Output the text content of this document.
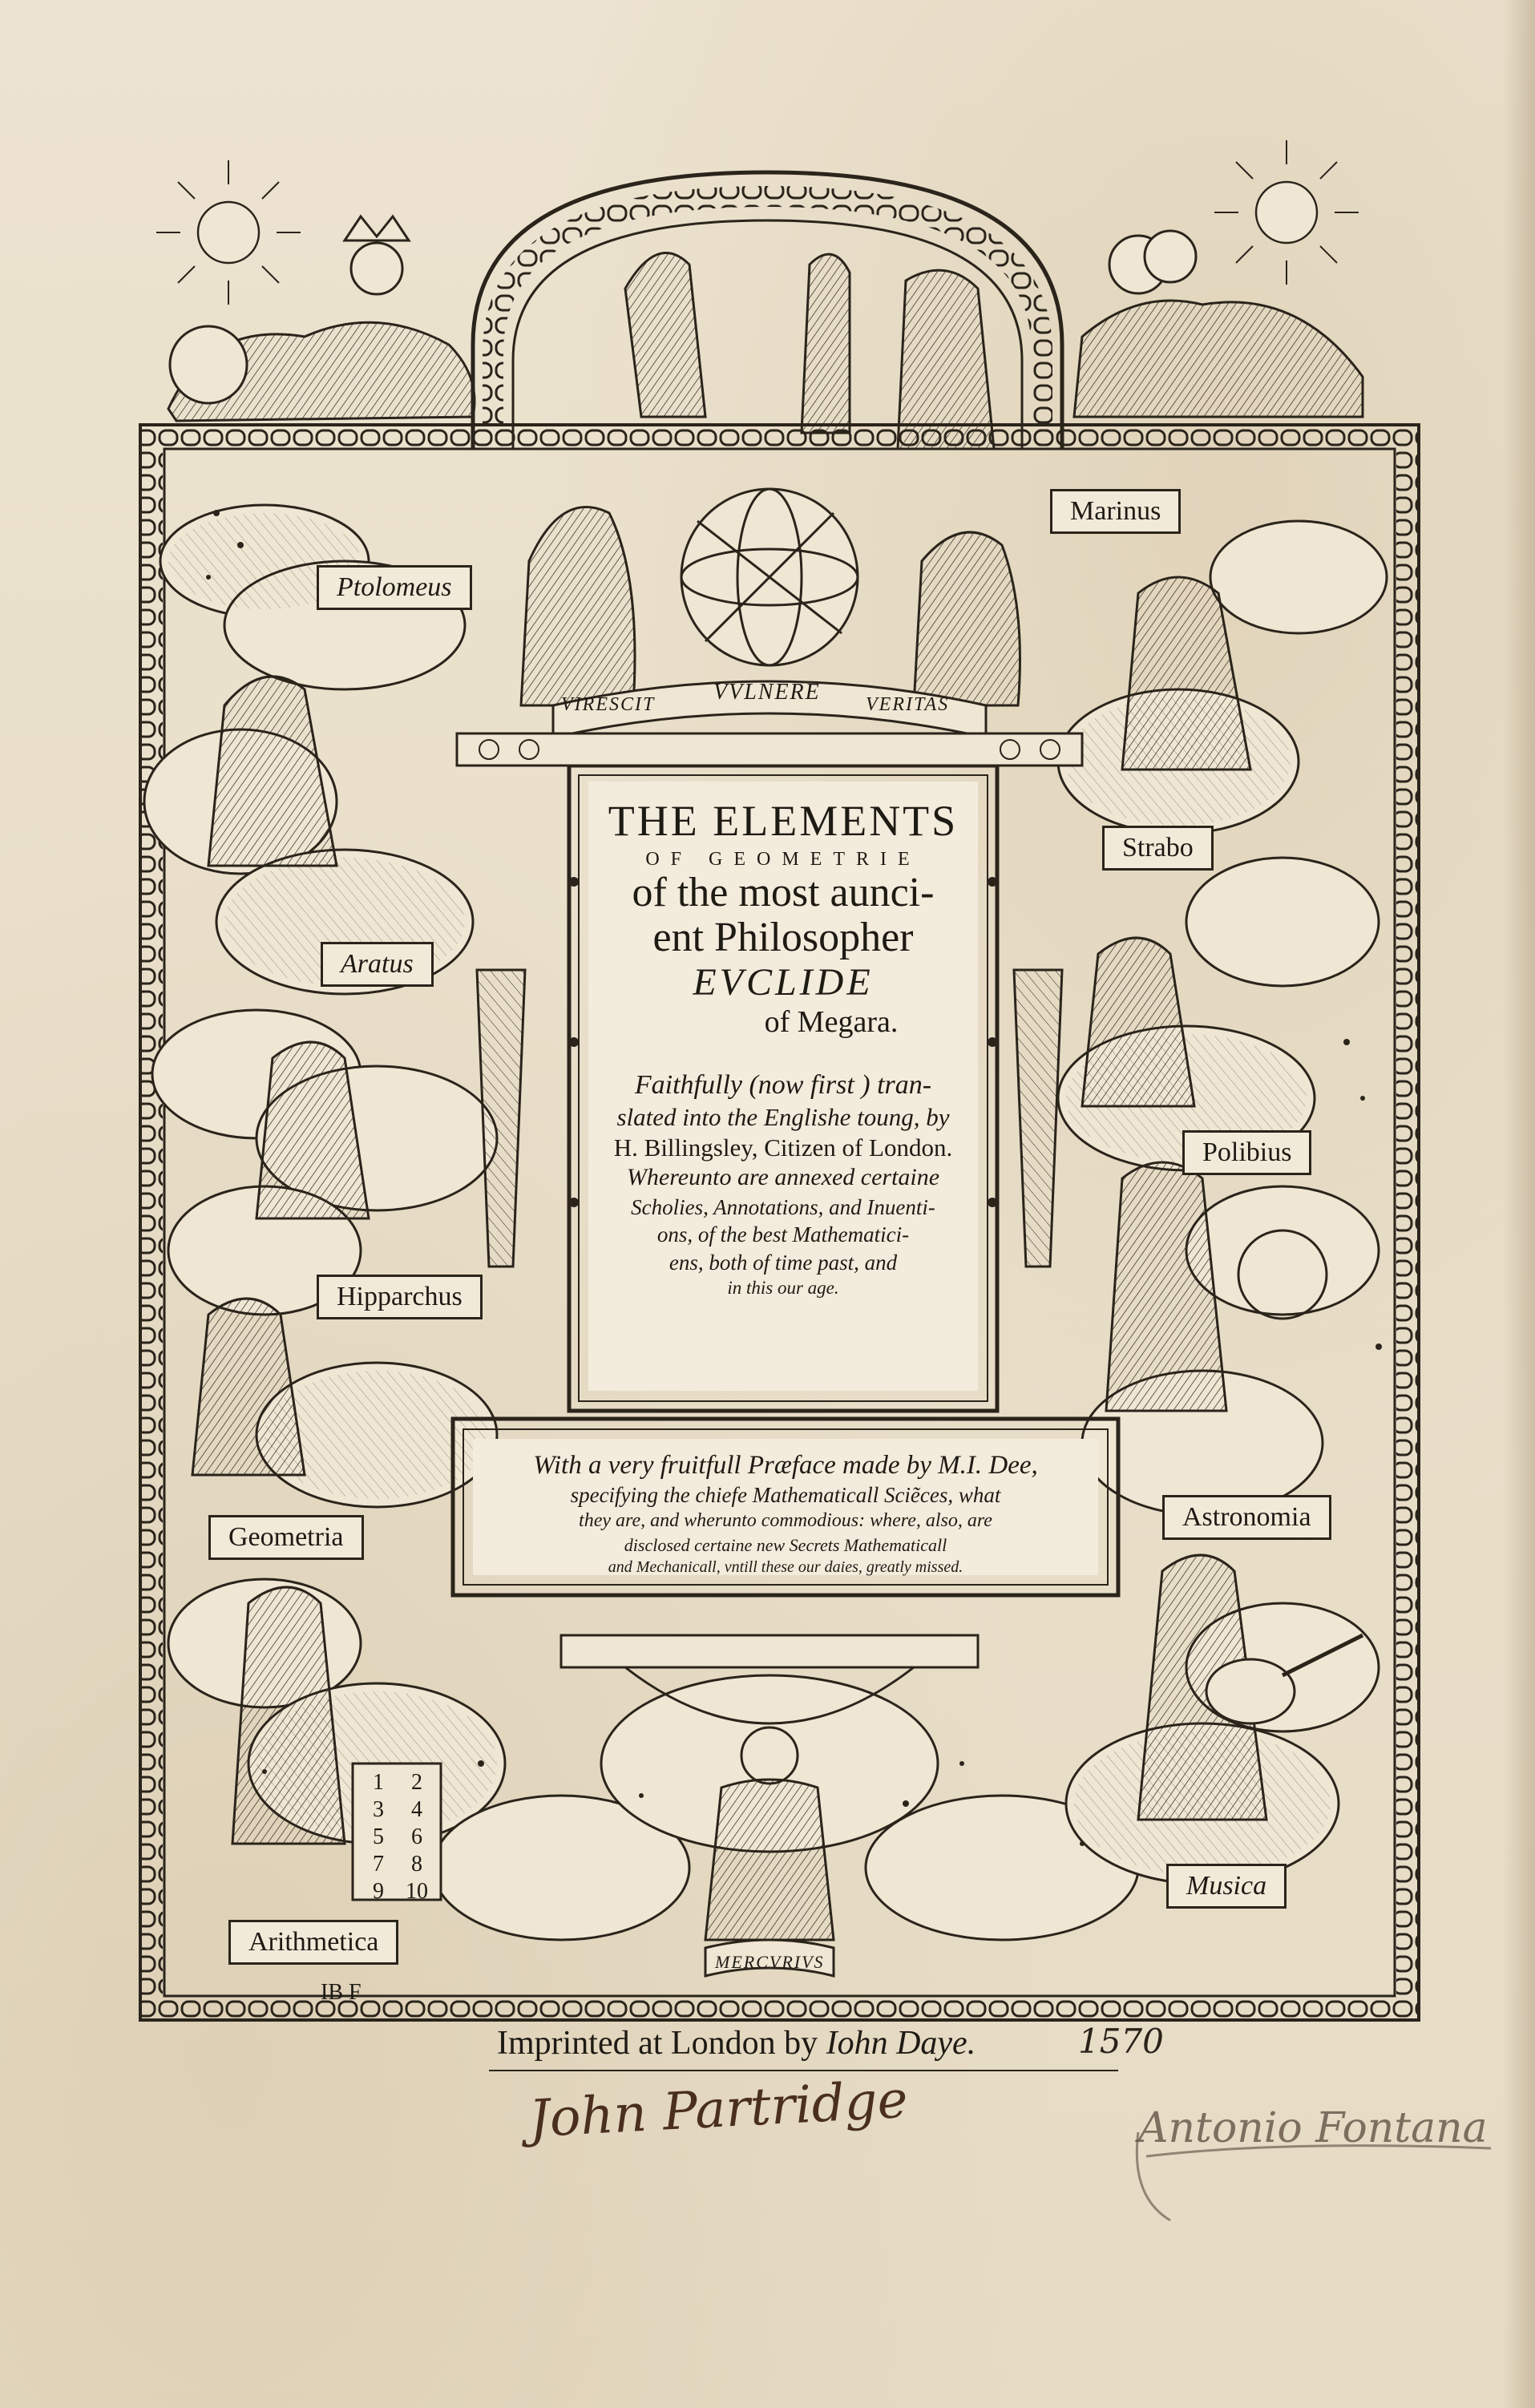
VIRESCIT	VVLNERE VERITAS
Ptolomeus
Marinus
Strabo
Aratus
Polibius
Hipparchus
Geometria
Astronomia
Musica
Arithmetica
MERCVRIVS
1	2
3	4
5	6
7	8
9 10
IB F
THE ELEMENTS
OF GEOMETRIE
of the most aunci-
ent Philosopher
EVCLIDE
of Megara.
Faithfully (now first ) tran-
slated into the Englishe toung, by
H. Billingsley, Citizen of London.
Whereunto are annexed certaine
Scholies, Annotations, and Inuenti-
ons, of the best Mathematici-
ens, both of time past, and
in this our age.
With a very fruitfull Præface made by M.I. Dee,
specifying the chiefe Mathematicall Sciẽces, what
they are, and wherunto commodious: where, also, are
disclosed certaine new Secrets Mathematicall
and Mechanicall, vntill these our daies, greatly missed.
Imprinted at London by Iohn Daye.	1570
John Partridge	Antonio Fontana
